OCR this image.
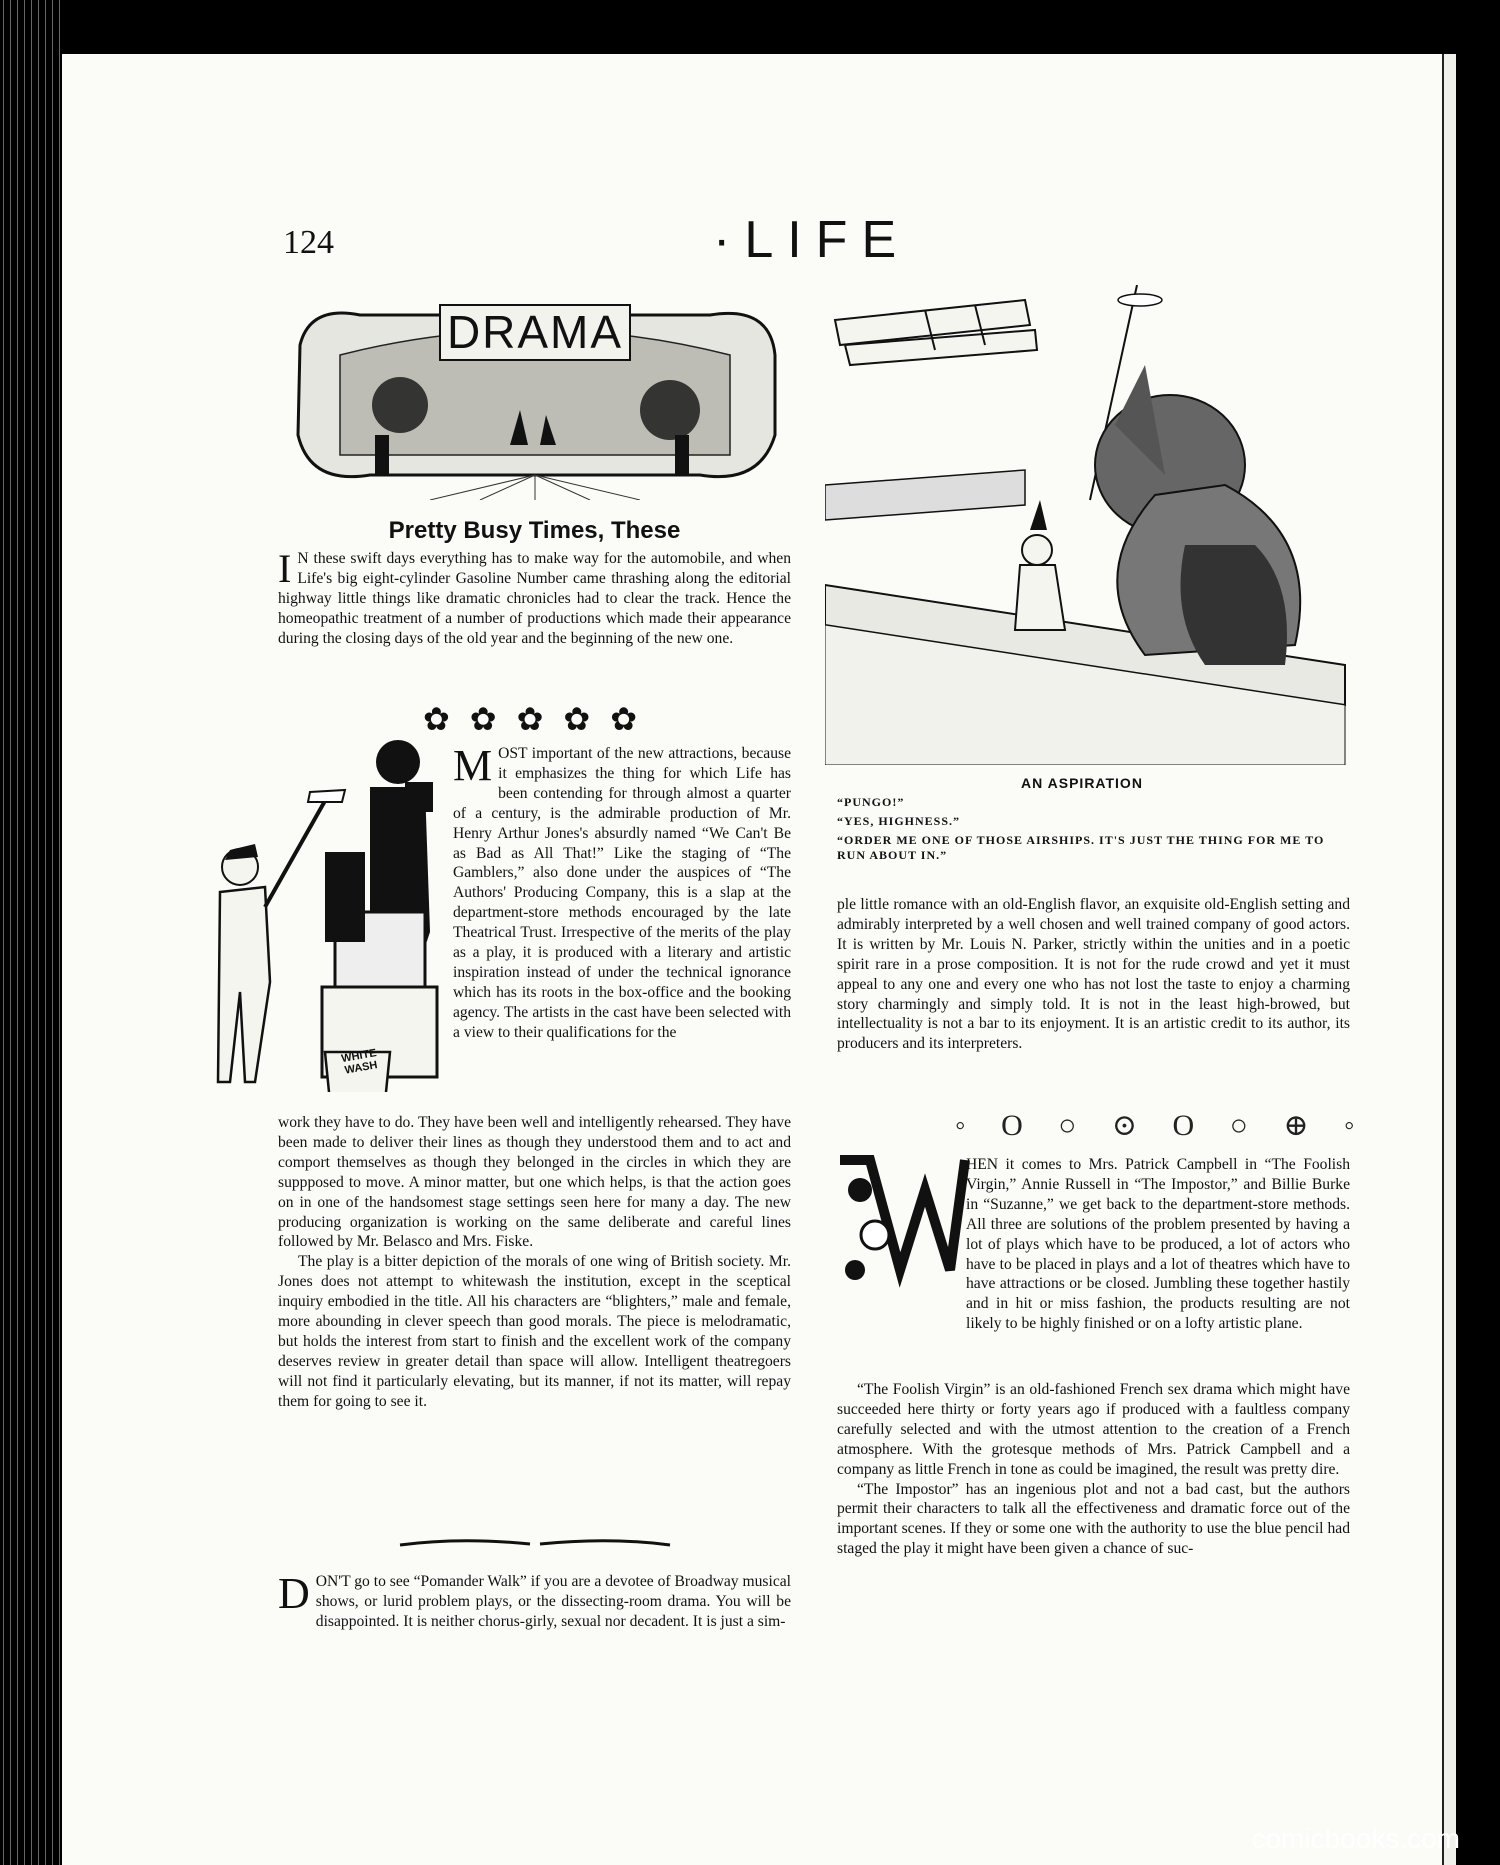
124	·LIFE
DRAMA
Pretty Busy Times, These
I N these swift days everything has to make way for the automobile, and when Life's big eight-cylinder Gasoline Number came thrashing along the editorial highway little things like dramatic chronicles had to clear the track. Hence the homeopathic treatment of a number of productions which made their appearance during the closing days of the old year and the beginning of the new one.
✿✿✿✿✿
WHITE WASH
M OST important of the new attractions, because it emphasizes the thing for which Life has been contending for through almost a quarter of a century, is the admirable production of Mr. Henry Arthur Jones's absurdly named “We Can't Be as Bad as All That!” Like the staging of “The Gamblers,” also done under the auspices of “The Authors' Producing Company, this is a slap at the department-store methods encouraged by the late Theatrical Trust. Irrespective of the merits of the play as a play, it is produced with a literary and artistic inspiration instead of under the technical ignorance which has its roots in the box-office and the booking agency. The artists in the cast have been selected with a view to their qualifications for the

work they have to do. They have been well and intelligently rehearsed. They have been made to deliver their lines as though they understood them and to act and comport themselves as though they belonged in the circles in which they are suppposed to move. A minor matter, but one which helps, is that the action goes on in one of the handsomest stage settings seen here for many a day. The new producing organization is working on the same deliberate and careful lines followed by Mr. Belasco and Mrs. Fiske.

The play is a bitter depiction of the morals of one wing of British society. Mr. Jones does not attempt to whitewash the institution, except in the sceptical inquiry embodied in the title. All his characters are “blighters,” male and female, more abounding in clever speech than good morals. The piece is melodramatic, but holds the interest from start to finish and the excellent work of the company deserves review in greater detail than space will allow. Intelligent theatregoers will not find it particularly elevating, but its manner, if not its matter, will repay them for going to see it.

D ON'T go to see “Pomander Walk” if you are a devotee of Broadway musical shows, or lurid problem plays, or the dissecting-room drama. You will be disappointed. It is neither chorus-girly, sexual nor decadent. It is just a sim-
AN ASPIRATION
“PUNGO!”
“YES, HIGHNESS.”
“ORDER ME ONE OF THOSE AIRSHIPS. IT'S JUST THE THING FOR ME TO RUN ABOUT IN.”

ple little romance with an old-English flavor, an exquisite old-English setting and admirably interpreted by a well chosen and well trained company of good actors. It is written by Mr. Louis N. Parker, strictly within the unities and in a poetic spirit rare in a prose composition. It is not for the rude crowd and yet it must appeal to any one and every one who has not lost the taste to enjoy a charming story charmingly and simply told. It is not in the least high-browed, but intellectuality is not a bar to its enjoyment. It is an artistic credit to its author, its producers and its interpreters.

◦ O ○ ⊙ O ○ ⊕ ◦
HEN it comes to Mrs. Patrick Campbell in “The Foolish Virgin,” Annie Russell in “The Impostor,” and Billie Burke in “Suzanne,” we get back to the department-store methods. All three are solutions of the problem presented by having a lot of plays which have to be produced, a lot of actors who have to be placed in plays and a lot of theatres which have to have attractions or be closed. Jumbling these together hastily and in hit or miss fashion, the products resulting are not likely to be highly finished or on a lofty artistic plane.

“The Foolish Virgin” is an old-fashioned French sex drama which might have succeeded here thirty or forty years ago if produced with a faultless company carefully selected and with the utmost attention to the creation of a French atmosphere. With the grotesque methods of Mrs. Patrick Campbell and a company as little French in tone as could be imagined, the result was pretty dire.

“The Impostor” has an ingenious plot and not a bad cast, but the authors permit their characters to talk all the effectiveness and dramatic force out of the important scenes. If they or some one with the authority to use the blue pencil had staged the play it might have been given a chance of suc-

comicbooks.com
